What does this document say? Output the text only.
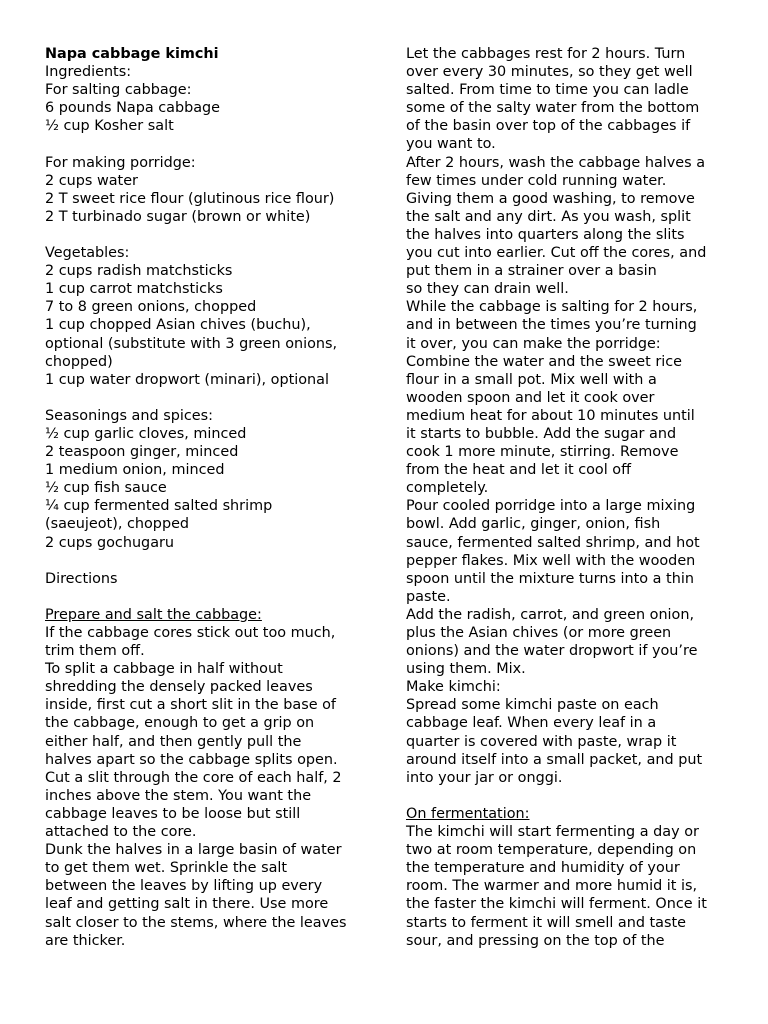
Napa cabbage kimchi
Ingredients:
For salting cabbage:
6 pounds Napa cabbage
½ cup Kosher salt
For making porridge:
2 cups water
2 T sweet rice flour (glutinous rice flour)
2 T turbinado sugar (brown or white)
Vegetables:
2 cups radish matchsticks
1 cup carrot matchsticks
7 to 8 green onions, chopped
1 cup chopped Asian chives (buchu),
optional (substitute with 3 green onions,
chopped)
1 cup water dropwort (minari), optional
Seasonings and spices:
½ cup garlic cloves, minced
2 teaspoon ginger, minced
1 medium onion, minced
½ cup fish sauce
¼ cup fermented salted shrimp
(saeujeot), chopped
2 cups gochugaru
Directions
Prepare and salt the cabbage:
If the cabbage cores stick out too much,
trim them off.
To split a cabbage in half without
shredding the densely packed leaves
inside, first cut a short slit in the base of
the cabbage, enough to get a grip on
either half, and then gently pull the
halves apart so the cabbage splits open.
Cut a slit through the core of each half, 2
inches above the stem. You want the
cabbage leaves to be loose but still
attached to the core.
Dunk the halves in a large basin of water
to get them wet. Sprinkle the salt
between the leaves by lifting up every
leaf and getting salt in there. Use more
salt closer to the stems, where the leaves
are thicker.
Let the cabbages rest for 2 hours. Turn
over every 30 minutes, so they get well
salted. From time to time you can ladle
some of the salty water from the bottom
of the basin over top of the cabbages if
you want to.
After 2 hours, wash the cabbage halves a
few times under cold running water.
Giving them a good washing, to remove
the salt and any dirt. As you wash, split
the halves into quarters along the slits
you cut into earlier. Cut off the cores, and
put them in a strainer over a basin
so they can drain well.
While the cabbage is salting for 2 hours,
and in between the times you’re turning
it over, you can make the porridge:
Combine the water and the sweet rice
flour in a small pot. Mix well with a
wooden spoon and let it cook over
medium heat for about 10 minutes until
it starts to bubble. Add the sugar and
cook 1 more minute, stirring. Remove
from the heat and let it cool off
completely.
Pour cooled porridge into a large mixing
bowl. Add garlic, ginger, onion, fish
sauce, fermented salted shrimp, and hot
pepper flakes. Mix well with the wooden
spoon until the mixture turns into a thin
paste.
Add the radish, carrot, and green onion,
plus the Asian chives (or more green
onions) and the water dropwort if you’re
using them. Mix.
Make kimchi:
Spread some kimchi paste on each
cabbage leaf. When every leaf in a
quarter is covered with paste, wrap it
around itself into a small packet, and put
into your jar or onggi.
On fermentation:
The kimchi will start fermenting a day or
two at room temperature, depending on
the temperature and humidity of your
room. The warmer and more humid it is,
the faster the kimchi will ferment. Once it
starts to ferment it will smell and taste
sour, and pressing on the top of the
